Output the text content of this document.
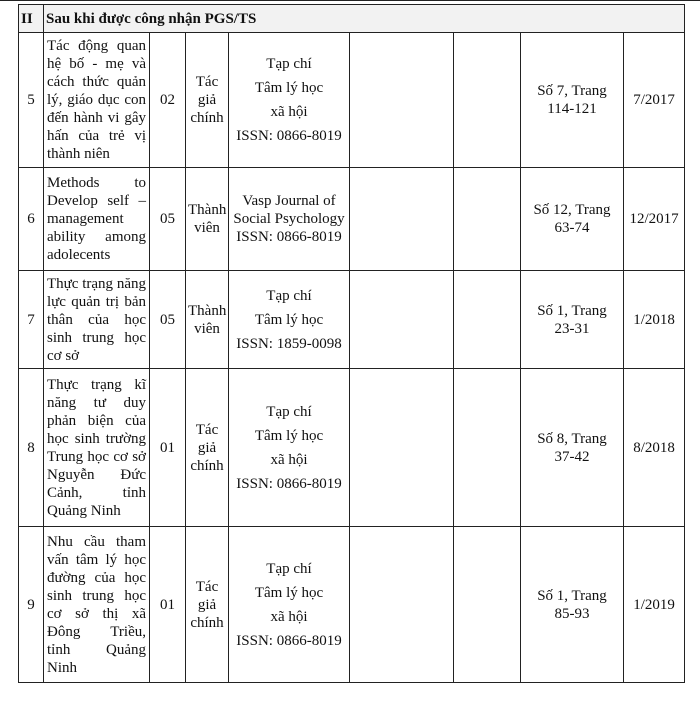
II	Sau khi được công nhận PGS/TS							
5	Tác động quan hệ bố - mẹ và cách thức quản lý, giáo dục con đến hành vi gây hấn của trẻ vị thành niên	02	Tác
giả
chính	Tạp chí
Tâm lý học
xã hội
ISSN: 0866-8019			Số 7, Trang
114-121	7/2017
6	Methods to Develop self – management ability among adolecents	05	Thành
viên	Vasp Journal of
Social Psychology
ISSN: 0866-8019			Số 12, Trang
63-74	12/2017
7	Thực trạng năng lực quản trị bản thân của học sinh trung học cơ sở	05	Thành
viên	Tạp chí
Tâm lý học
ISSN: 1859-0098			Số 1, Trang
23-31	1/2018
8	Thực trạng kĩ năng tư duy phản biện của học sinh trường Trung học cơ sở Nguyễn Đức Cảnh, tỉnh Quảng Ninh	01	Tác
giả
chính	Tạp chí
Tâm lý học
xã hội
ISSN: 0866-8019			Số 8, Trang
37-42	8/2018
9	Nhu cầu tham vấn tâm lý học đường của học sinh trung học cơ sở thị xã Đông Triều, tỉnh Quảng Ninh	01	Tác
giả
chính	Tạp chí
Tâm lý học
xã hội
ISSN: 0866-8019			Số 1, Trang
85-93	1/2019
